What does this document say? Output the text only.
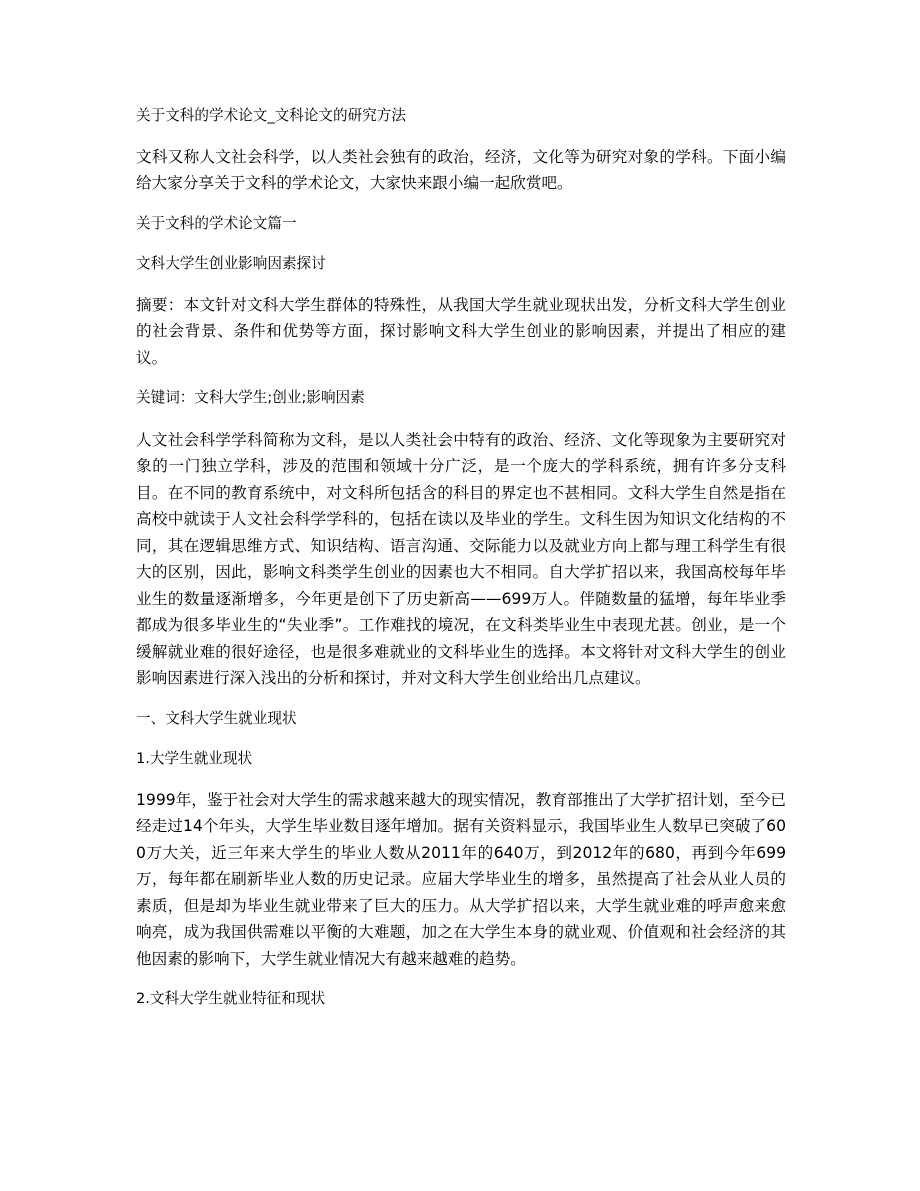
关于文科的学术论文_文科论文的研究方法

文科又称人文社会科学，以人类社会独有的政治，经济，文化等为研究对象的学科。下面小编给大家分享关于文科的学术论文，大家快来跟小编一起欣赏吧。

关于文科的学术论文篇一

文科大学生创业影响因素探讨

摘要：本文针对文科大学生群体的特殊性，从我国大学生就业现状出发，分析文科大学生创业的社会背景、条件和优势等方面，探讨影响文科大学生创业的影响因素，并提出了相应的建议。

关键词：文科大学生;创业;影响因素

人文社会科学学科简称为文科，是以人类社会中特有的政治、经济、文化等现象为主要研究对象的一门独立学科，涉及的范围和领域十分广泛，是一个庞大的学科系统，拥有许多分支科目。在不同的教育系统中，对文科所包括含的科目的界定也不甚相同。文科大学生自然是指在高校中就读于人文社会科学学科的，包括在读以及毕业的学生。文科生因为知识文化结构的不同，其在逻辑思维方式、知识结构、语言沟通、交际能力以及就业方向上都与理工科学生有很大的区别，因此，影响文科类学生创业的因素也大不相同。自大学扩招以来，我国高校每年毕业生的数量逐渐增多，今年更是创下了历史新高——699万人。伴随数量的猛增，每年毕业季都成为很多毕业生的“失业季”。工作难找的境况，在文科类毕业生中表现尤甚。创业，是一个缓解就业难的很好途径，也是很多难就业的文科毕业生的选择。本文将针对文科大学生的创业影响因素进行深入浅出的分析和探讨，并对文科大学生创业给出几点建议。

一、文科大学生就业现状

1.大学生就业现状

1999年，鉴于社会对大学生的需求越来越大的现实情况，教育部推出了大学扩招计划，至今已经走过14个年头，大学生毕业数目逐年增加。据有关资料显示，我国毕业生人数早已突破了600万大关，近三年来大学生的毕业人数从2011年的640万，到2012年的680，再到今年699万，每年都在刷新毕业人数的历史记录。应届大学毕业生的增多，虽然提高了社会从业人员的素质，但是却为毕业生就业带来了巨大的压力。从大学扩招以来，大学生就业难的呼声愈来愈响亮，成为我国供需难以平衡的大难题，加之在大学生本身的就业观、价值观和社会经济的其他因素的影响下，大学生就业情况大有越来越难的趋势。

2.文科大学生就业特征和现状
